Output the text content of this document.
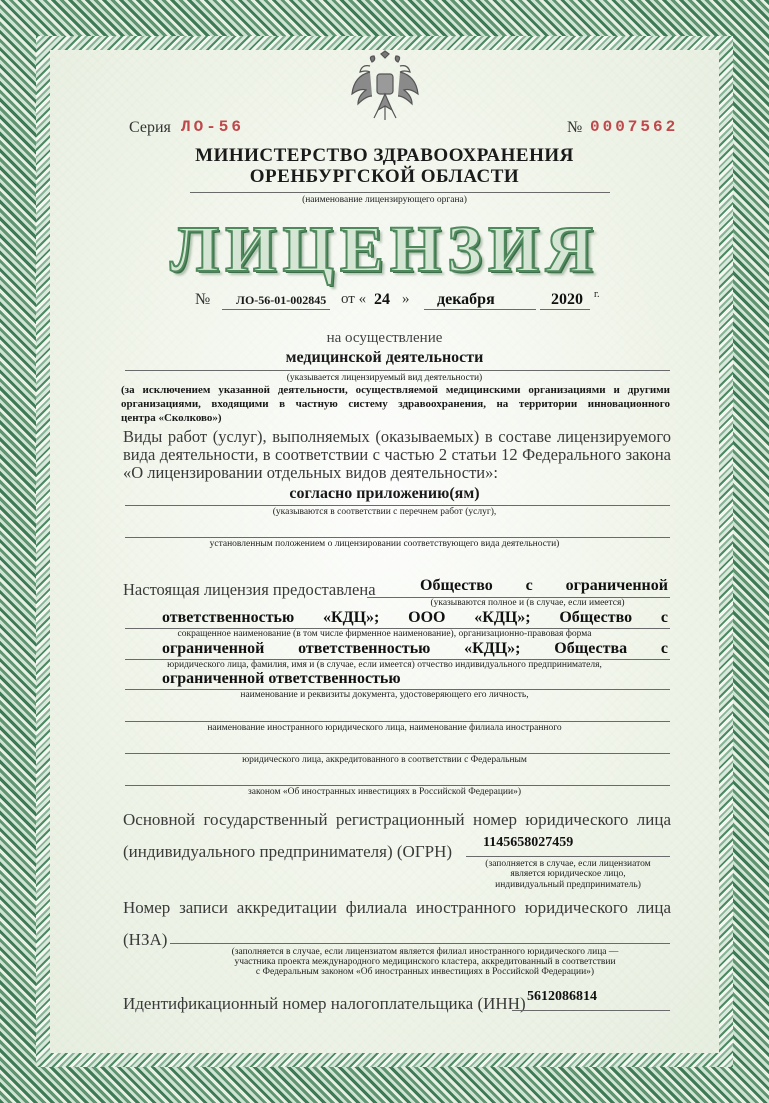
Серия ЛО-56	№ 0007562
МИНИСТЕРСТВО ЗДРАВООХРАНЕНИЯ
ОРЕНБУРГСКОЙ ОБЛАСТИ
(наименование лицензирующего органа)
ЛИЦЕНЗИЯ
№ ЛО-56-01-002845 от « 24 » декабря	2020 г.
на осуществление
медицинской деятельности
(указывается лицензируемый вид деятельности)
(за исключением указанной деятельности, осуществляемой медицинскими организациями и другими
организациями, входящими в частную систему здравоохранения, на территории инновационного
центра «Сколково»)
Виды работ (услуг), выполняемых (оказываемых) в составе лицензируемого
вида деятельности, в соответствии с частью 2 статьи 12 Федерального закона
«О лицензировании отдельных видов деятельности»:
согласно приложению(ям)
(указываются в соответствии с перечнем работ (услуг),
установленным положением о лицензировании соответствующего вида деятельности)
Настоящая лицензия предоставлена	Общество с ограниченной
(указываются полное и (в случае, если имеется)
ответственностью «КДЦ»; ООО «КДЦ»; Общество с
сокращенное наименование (в том числе фирменное наименование), организационно-правовая форма
ограниченной ответственностью «КДЦ»; Общества с
юридического лица, фамилия, имя и (в случае, если имеется) отчество индивидуального предпринимателя,
ограниченной ответственностью
наименование и реквизиты документа, удостоверяющего его личность,
наименование иностранного юридического лица, наименование филиала иностранного
юридического лица, аккредитованного в соответствии с Федеральным
законом «Об иностранных инвестициях в Российской Федерации»)
Основной государственный регистрационный номер юридического лица
(индивидуального предпринимателя) (ОГРН) 1145658027459
(заполняется в случае, если лицензиатом
является юридическое лицо,
индивидуальный предприниматель)
Номер записи аккредитации филиала иностранного юридического лица
(НЗА)
(заполняется в случае, если лицензиатом является филиал иностранного юридического лица —
участника проекта международного медицинского кластера, аккредитованный в соответствии
с Федеральным законом «Об иностранных инвестициях в Российской Федерации»)
Идентификационный номер налогоплательщика (ИНН) 5612086814
